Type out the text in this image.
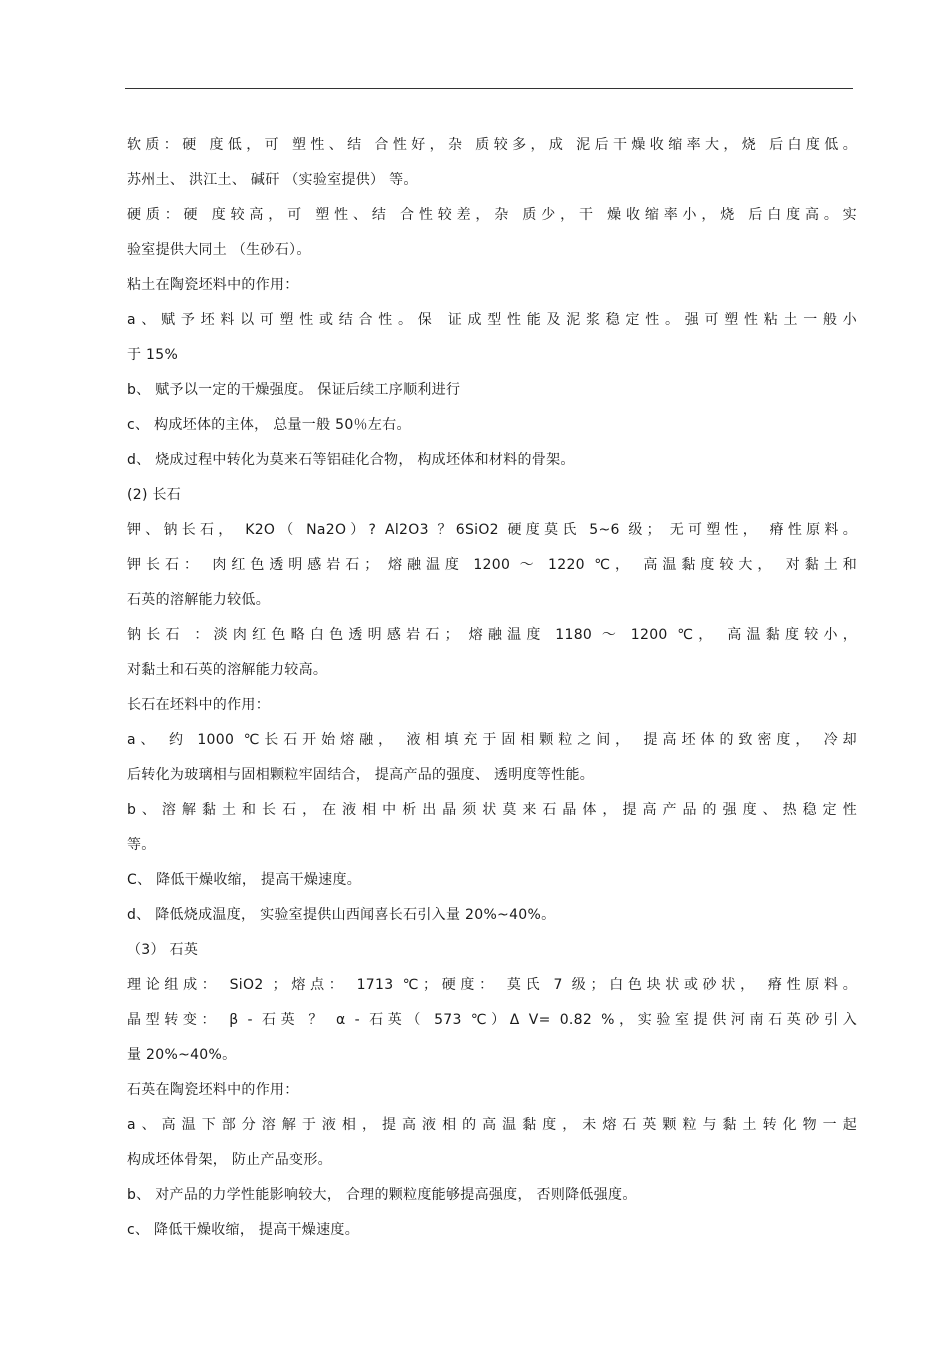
软质：硬 度低，可 塑性、结 合性好，杂 质较多，成 泥后干燥收缩率大，烧 后白度低。
苏州土、 洪江土、 碱矸 （实验室提供） 等。
硬质：硬 度较高，可 塑性、结 合性较差，杂 质少，干 燥收缩率小，烧 后白度高。实
验室提供大同土 （生砂石）。
粘土在陶瓷坯料中的作用：
a、赋予坯料以可塑性或结合性。保 证成型性能及泥浆稳定性。强可塑性粘土一般小
于 15%
b、 赋予以一定的干燥强度。 保证后续工序顺利进行
c、 构成坯体的主体， 总量一般 50％左右。
d、 烧成过程中转化为莫来石等铝硅化合物， 构成坯体和材料的骨架。
(2) 长石
钾、钠长石， K2O（ Na2O）? Al2O3 ？6SiO2 硬度莫氏 5~6 级； 无可塑性， 瘠性原料。
钾长石： 肉红色透明感岩石； 熔融温度 1200 ～ 1220 ℃， 高温黏度较大， 对黏土和
石英的溶解能力较低。
钠长石 ：淡肉红色略白色透明感岩石； 熔融温度 1180 ～ 1200 ℃， 高温黏度较小，
对黏土和石英的溶解能力较高。
长石在坯料中的作用：
a、 约 1000 ℃长石开始熔融， 液相填充于固相颗粒之间， 提高坯体的致密度， 冷却
后转化为玻璃相与固相颗粒牢固结合， 提高产品的强度、 透明度等性能。
b、溶解黏土和长石，在液相中析出晶须状莫来石晶体，提高产品的强度、热稳定性
等。
C、 降低干燥收缩， 提高干燥速度。
d、 降低烧成温度， 实验室提供山西闻喜长石引入量 20%~40%。
（3） 石英
理论组成： SiO2 ；熔点： 1713 ℃；硬度： 莫氏 7 级；白色块状或砂状， 瘠性原料。
晶型转变： β - 石英 ？ α - 石英（ 573 ℃）Δ V= 0.82 %，实验室提供河南石英砂引入
量 20%~40%。
石英在陶瓷坯料中的作用：
a、高温下部分溶解于液相，提高液相的高温黏度，未熔石英颗粒与黏土转化物一起
构成坯体骨架， 防止产品变形。
b、 对产品的力学性能影响较大， 合理的颗粒度能够提高强度， 否则降低强度。
c、 降低干燥收缩， 提高干燥速度。
